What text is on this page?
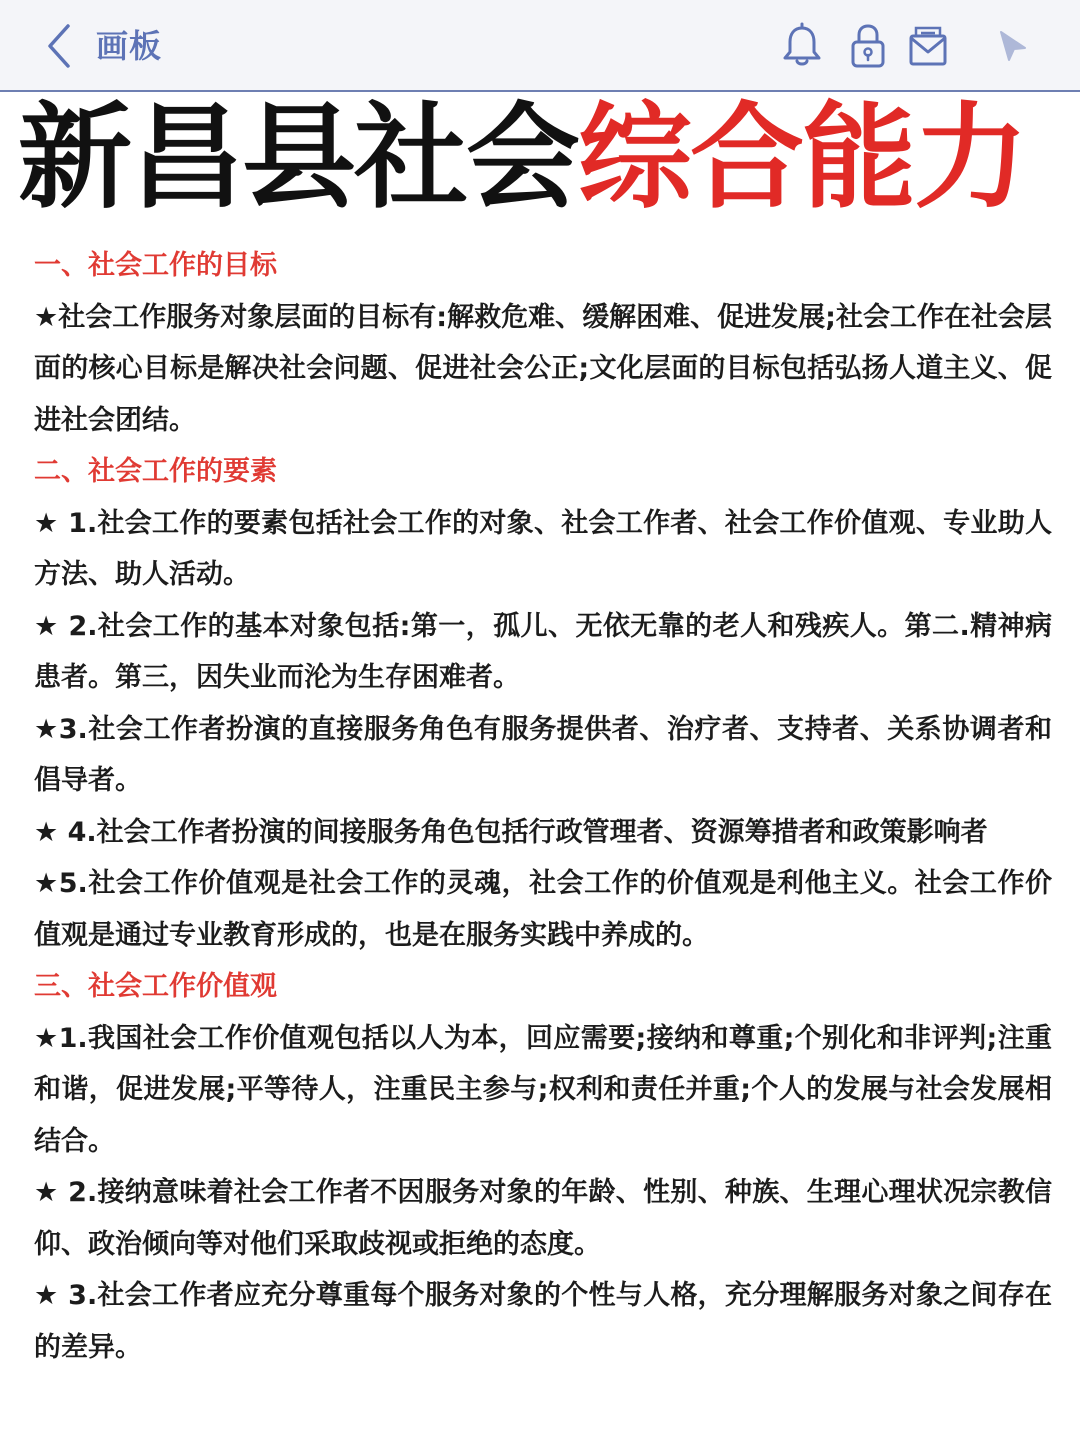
画板
新昌县社会综合能力
一、社会工作的目标
★社会工作服务对象层面的目标有:解救危难、缓解困难、促进发展;社会工作在社会层面的核心目标是解决社会问题、促进社会公正;文化层面的目标包括弘扬人道主义、促进社会团结。
二、社会工作的要素
★ 1.社会工作的要素包括社会工作的对象、社会工作者、社会工作价值观、专业助人方法、助人活动。
★ 2.社会工作的基本对象包括:第一，孤儿、无依无靠的老人和残疾人。第二.精神病患者。第三，因失业而沦为生存困难者。
★3.社会工作者扮演的直接服务角色有服务提供者、治疗者、支持者、关系协调者和倡导者。
★ 4.社会工作者扮演的间接服务角色包括行政管理者、资源筹措者和政策影响者
★5.社会工作价值观是社会工作的灵魂，社会工作的价值观是利他主义。社会工作价值观是通过专业教育形成的，也是在服务实践中养成的。
三、社会工作价值观
★1.我国社会工作价值观包括以人为本，回应需要;接纳和尊重;个别化和非评判;注重和谐，促进发展;平等待人，注重民主参与;权利和责任并重;个人的发展与社会发展相结合。
★ 2.接纳意味着社会工作者不因服务对象的年龄、性别、种族、生理心理状况宗教信仰、政治倾向等对他们采取歧视或拒绝的态度。
★ 3.社会工作者应充分尊重每个服务对象的个性与人格，充分理解服务对象之间存在的差异。
